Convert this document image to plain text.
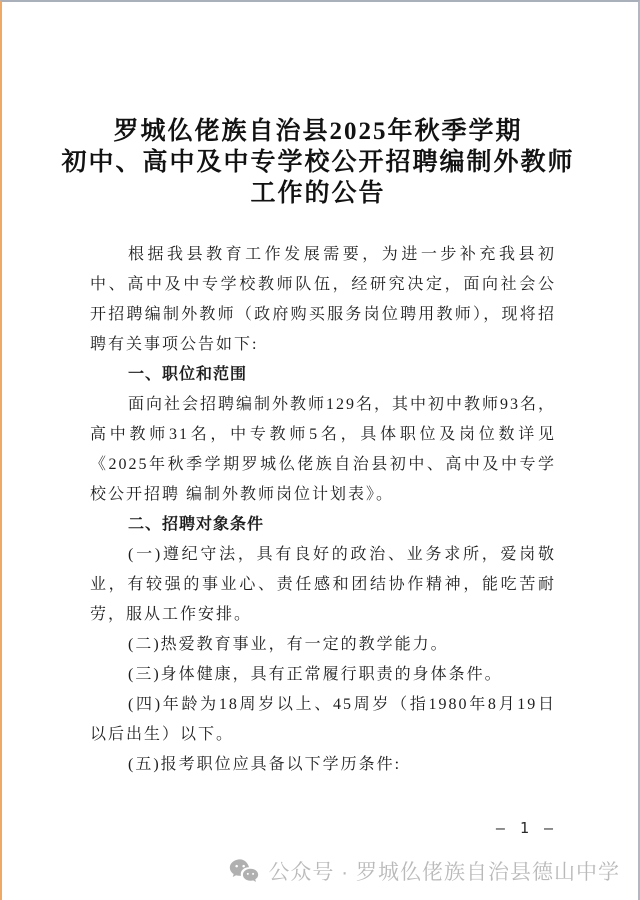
罗城仫佬族自治县2025年秋季学期
初中、高中及中专学校公开招聘编制外教师
工作的公告

根据我县教育工作发展需要，为进一步补充我县初中、高中及中专学校教师队伍，经研究决定，面向社会公开招聘编制外教师（政府购买服务岗位聘用教师），现将招聘有关事项公告如下:

一、职位和范围

面向社会招聘编制外教师129名，其中初中教师93名，高中教师31名，中专教师5名，具体职位及岗位数详见《2025年秋季学期罗城仫佬族自治县初中、高中及中专学校公开招聘 编制外教师岗位计划表》。

二、招聘对象条件

(一)遵纪守法，具有良好的政治、业务求所，爱岗敬业，有较强的事业心、责任感和团结协作精神，能吃苦耐劳，服从工作安排。

(二)热爱教育事业，有一定的教学能力。

(三)身体健康，具有正常履行职责的身体条件。

(四)年龄为18周岁以上、45周岁（指1980年8月19日以后出生）以下。

(五)报考职位应具备以下学历条件:

— 1 —
公众号 · 罗城仫佬族自治县德山中学
